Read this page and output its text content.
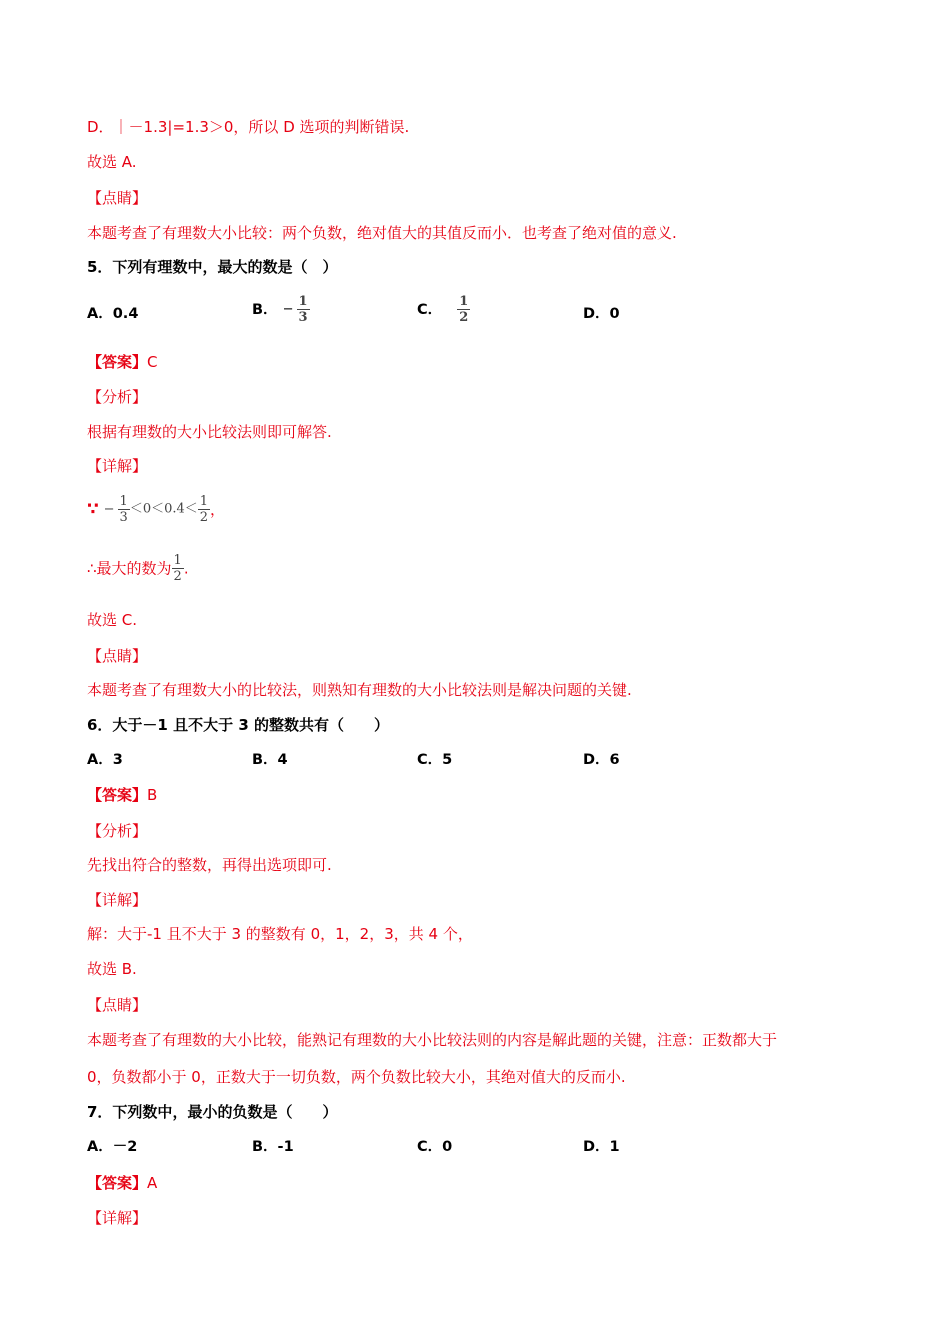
D．｜－1.3|=1.3＞0，所以 D 选项的判断错误.
故选 A.
【点睛】
本题考查了有理数大小比较：两个负数，绝对值大的其值反而小．也考查了绝对值的意义.
5．下列有理数中，最大的数是（　）
A．0.4	B． − $\frac{1}{3}$	C． $\frac{1}{2}$	D．0
【答案】C
【分析】
根据有理数的大小比较法则即可解答.
【详解】
∵ − $\frac{1}{3} <0<0.4< \frac{1}{2}$ ，
∴最大的数为 $\frac{1}{2}$ .
故选 C.
【点睛】
本题考查了有理数大小的比较法，则熟知有理数的大小比较法则是解决问题的关键.
6．大于－1 且不大于 3 的整数共有（　　）
A．3	B．4	C．5	D．6
【答案】B
【分析】
先找出符合的整数，再得出选项即可.
【详解】
解：大于-1 且不大于 3 的整数有 0，1，2，3，共 4 个，
故选 B.
【点睛】
本题考查了有理数的大小比较，能熟记有理数的大小比较法则的内容是解此题的关键，注意：正数都大于
0，负数都小于 0，正数大于一切负数，两个负数比较大小，其绝对值大的反而小.
7．下列数中，最小的负数是（　　）
A．－2	B．-1	C．0	D．1
【答案】A
【详解】
